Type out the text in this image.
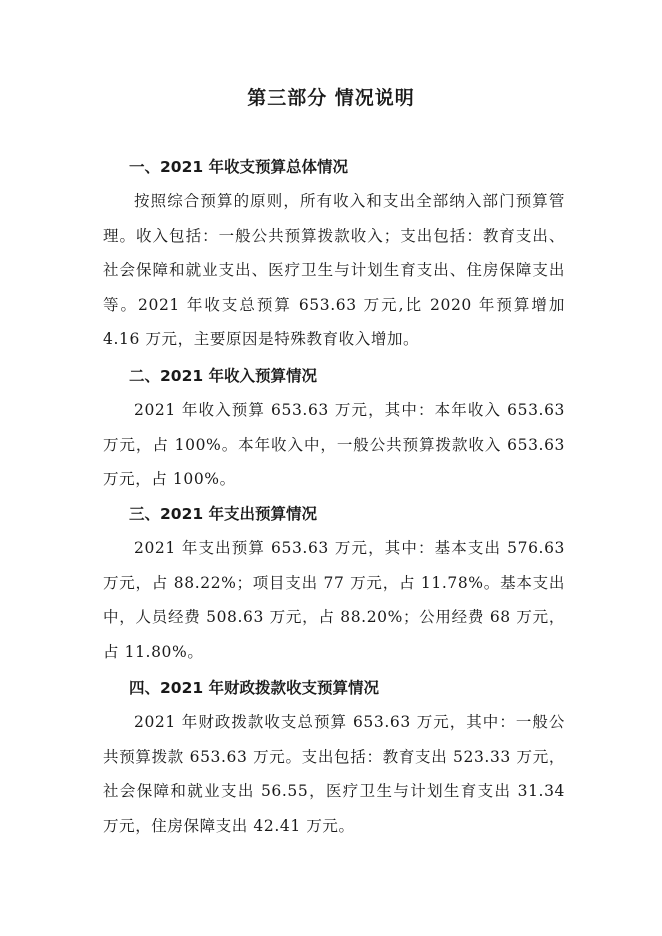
第三部分 情况说明
一、2021 年收支预算总体情况

按照综合预算的原则，所有收入和支出全部纳入部门预算管理。收入包括：一般公共预算拨款收入；支出包括：教育支出、社会保障和就业支出、医疗卫生与计划生育支出、住房保障支出等。2021 年收支总预算 653.63 万元,比 2020 年预算增加 4.16 万元，主要原因是特殊教育收入增加。

二、2021 年收入预算情况

2021 年收入预算 653.63 万元，其中：本年收入 653.63 万元，占 100%。本年收入中，一般公共预算拨款收入 653.63 万元，占 100%。

三、2021 年支出预算情况

2021 年支出预算 653.63 万元，其中：基本支出 576.63 万元，占 88.22%；项目支出 77 万元，占 11.78%。基本支出中，人员经费 508.63 万元，占 88.20%；公用经费 68 万元，占 11.80%。

四、2021 年财政拨款收支预算情况

2021 年财政拨款收支总预算 653.63 万元，其中：一般公共预算拨款 653.63 万元。支出包括：教育支出 523.33 万元，社会保障和就业支出 56.55，医疗卫生与计划生育支出 31.34 万元，住房保障支出 42.41 万元。
